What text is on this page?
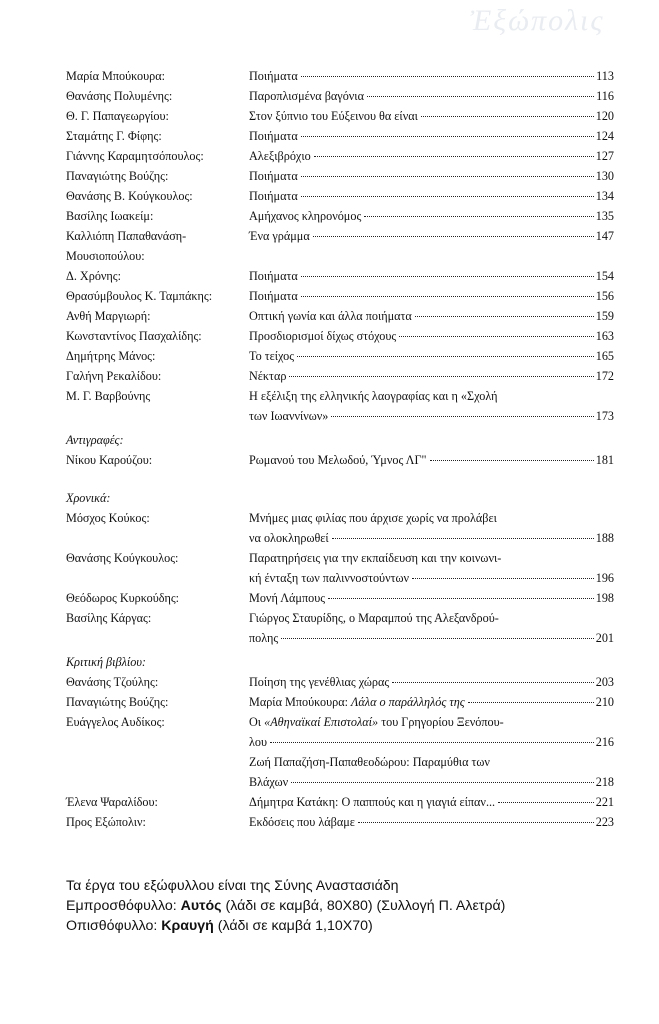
Ἐξώπολις
Μαρία Μπούκουρα:	Ποιήματα	113
Θανάσης Πολυμένης:	Παροπλισμένα βαγόνια	116
Θ. Γ. Παπαγεωργίου:	Στον ξύπνιο του Εύξεινου θα είναι	120
Σταμάτης Γ. Φίφης:	Ποιήματα	124
Γιάννης Καραμητσόπουλος:	Αλεξιβρόχιο	127
Παναγιώτης Βούζης:	Ποιήματα	130
Θανάσης Β. Κούγκουλος:	Ποιήματα	134
Βασίλης Ιωακείμ:	Αμήχανος κληρονόμος	135
Καλλιόπη Παπαθανάση-	Ένα γράμμα	147
Μουσιοπούλου:
Δ. Χρόνης:	Ποιήματα	154
Θρασύμβουλος Κ. Ταμπάκης:	Ποιήματα	156
Ανθή Μαργιωρή:	Οπτική γωνία και άλλα ποιήματα	159
Κωνσταντίνος Πασχαλίδης:	Προσδιορισμοί δίχως στόχους	163
Δημήτρης Μάνος:	Το τείχος	165
Γαλήνη Ρεκαλίδου:	Νέκταρ	172
Μ. Γ. Βαρβούνης	Η εξέλιξη της ελληνικής λαογραφίας και η «Σχολή
των Ιωαννίνων»	173
Αντιγραφές:
Νίκου Καρούζου:	Ρωμανού του Μελωδού, Ύμνος ΛΓ"	181
Χρονικά:
Μόσχος Κούκος:	Μνήμες μιας φιλίας που άρχισε χωρίς να προλάβει
να ολοκληρωθεί	188
Θανάσης Κούγκουλος:	Παρατηρήσεις για την εκπαίδευση και την κοινωνι-
κή ένταξη των παλιννοστούντων	196
Θεόδωρος Κυρκούδης:	Μονή Λάμπους	198
Βασίλης Κάργας:	Γιώργος Σταυρίδης, ο Μαραμπού της Αλεξανδρού-
πολης	201
Κριτική βιβλίου:
Θανάσης Τζούλης:	Ποίηση της γενέθλιας χώρας	203
Παναγιώτης Βούζης:	Μαρία Μπούκουρα: Λάλα ο παράλληλός της	210
Ευάγγελος Αυδίκος:	Οι «Αθηναϊκαί Επιστολαί» του Γρηγορίου Ξενόπου-
λου	216
Ζωή Παπαζήση-Παπαθεοδώρου: Παραμύθια των
Βλάχων	218
Έλενα Ψαραλίδου:	Δήμητρα Κατάκη: Ο παππούς και η γιαγιά είπαν...	221
Προς Εξώπολιν:	Εκδόσεις που λάβαμε	223
Τα έργα του εξώφυλλου είναι της Σύνης Αναστασιάδη
Εμπροσθόφυλλο: Αυτός (λάδι σε καμβά, 80Χ80) (Συλλογή Π. Αλετρά)
Οπισθόφυλλο: Κραυγή (λάδι σε καμβά 1,10Χ70)
